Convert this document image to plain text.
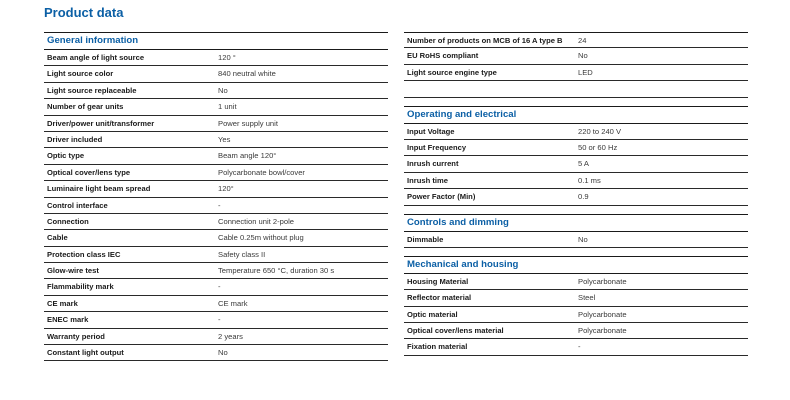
Product data
General information
Beam angle of light source	120 °
Light source color	840 neutral white
Light source replaceable	No
Number of gear units	1 unit
Driver/power unit/transformer	Power supply unit
Driver included	Yes
Optic type	Beam angle 120°
Optical cover/lens type	Polycarbonate bowl/cover
Luminaire light beam spread	120°
Control interface	-
Connection	Connection unit 2-pole
Cable	Cable 0.25m without plug
Protection class IEC	Safety class II
Glow-wire test	Temperature 650 °C, duration 30 s
Flammability mark	-
CE mark	CE mark
ENEC mark	-
Warranty period	2 years
Constant light output	No
Number of products on MCB of 16 A type B	24
EU RoHS compliant	No
Light source engine type	LED
Operating and electrical
Input Voltage	220 to 240 V
Input Frequency	50 or 60 Hz
Inrush current	5 A
Inrush time	0.1 ms
Power Factor (Min)	0.9
Controls and dimming
Dimmable	No
Mechanical and housing
Housing Material	Polycarbonate
Reflector material	Steel
Optic material	Polycarbonate
Optical cover/lens material	Polycarbonate
Fixation material	-
